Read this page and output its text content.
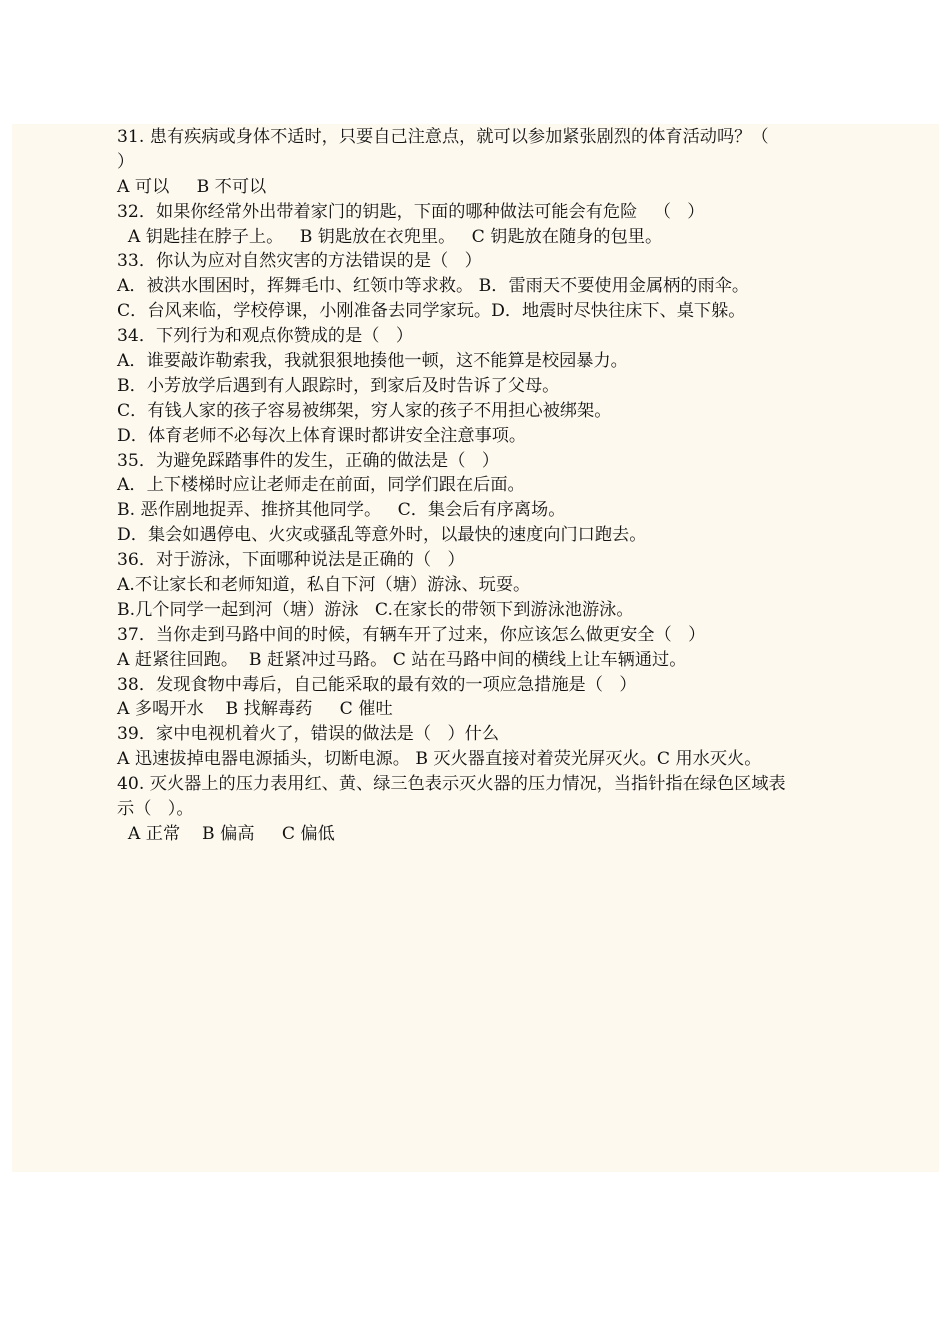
31. 患有疾病或身体不适时，只要自己注意点，就可以参加紧张剧烈的体育活动吗？（
）
A 可以     B 不可以
32．如果你经常外出带着家门的钥匙，下面的哪种做法可能会有危险   （   ）
A 钥匙挂在脖子上。   B 钥匙放在衣兜里。   C 钥匙放在随身的包里。
33．你认为应对自然灾害的方法错误的是（   ）
A．被洪水围困时，挥舞毛巾、红领巾等求救。 B．雷雨天不要使用金属柄的雨伞。
C．台风来临，学校停课，小刚准备去同学家玩。D．地震时尽快往床下、桌下躲。
34．下列行为和观点你赞成的是（   ）
A．谁要敲诈勒索我，我就狠狠地揍他一顿，这不能算是校园暴力。
B．小芳放学后遇到有人跟踪时，到家后及时告诉了父母。
C．有钱人家的孩子容易被绑架，穷人家的孩子不用担心被绑架。
D．体育老师不必每次上体育课时都讲安全注意事项。
35．为避免踩踏事件的发生，正确的做法是（   ）
A．上下楼梯时应让老师走在前面，同学们跟在后面。
B. 恶作剧地捉弄、推挤其他同学。   C．集会后有序离场。
D．集会如遇停电、火灾或骚乱等意外时，以最快的速度向门口跑去。
36．对于游泳，下面哪种说法是正确的（   ）
A.不让家长和老师知道，私自下河（塘）游泳、玩耍。
B.几个同学一起到河（塘）游泳   C.在家长的带领下到游泳池游泳。
37．当你走到马路中间的时候，有辆车开了过来，你应该怎么做更安全（   ）
A 赶紧往回跑。  B 赶紧冲过马路。 C 站在马路中间的横线上让车辆通过。
38．发现食物中毒后，自己能采取的最有效的一项应急措施是（   ）
A 多喝开水    B 找解毒药     C 催吐
39．家中电视机着火了，错误的做法是（   ）什么
A 迅速拔掉电器电源插头，切断电源。 B 灭火器直接对着荧光屏灭火。C 用水灭火。
40. 灭火器上的压力表用红、黄、绿三色表示灭火器的压力情况，当指针指在绿色区域表
示（   ）。
A 正常    B 偏高     C 偏低
